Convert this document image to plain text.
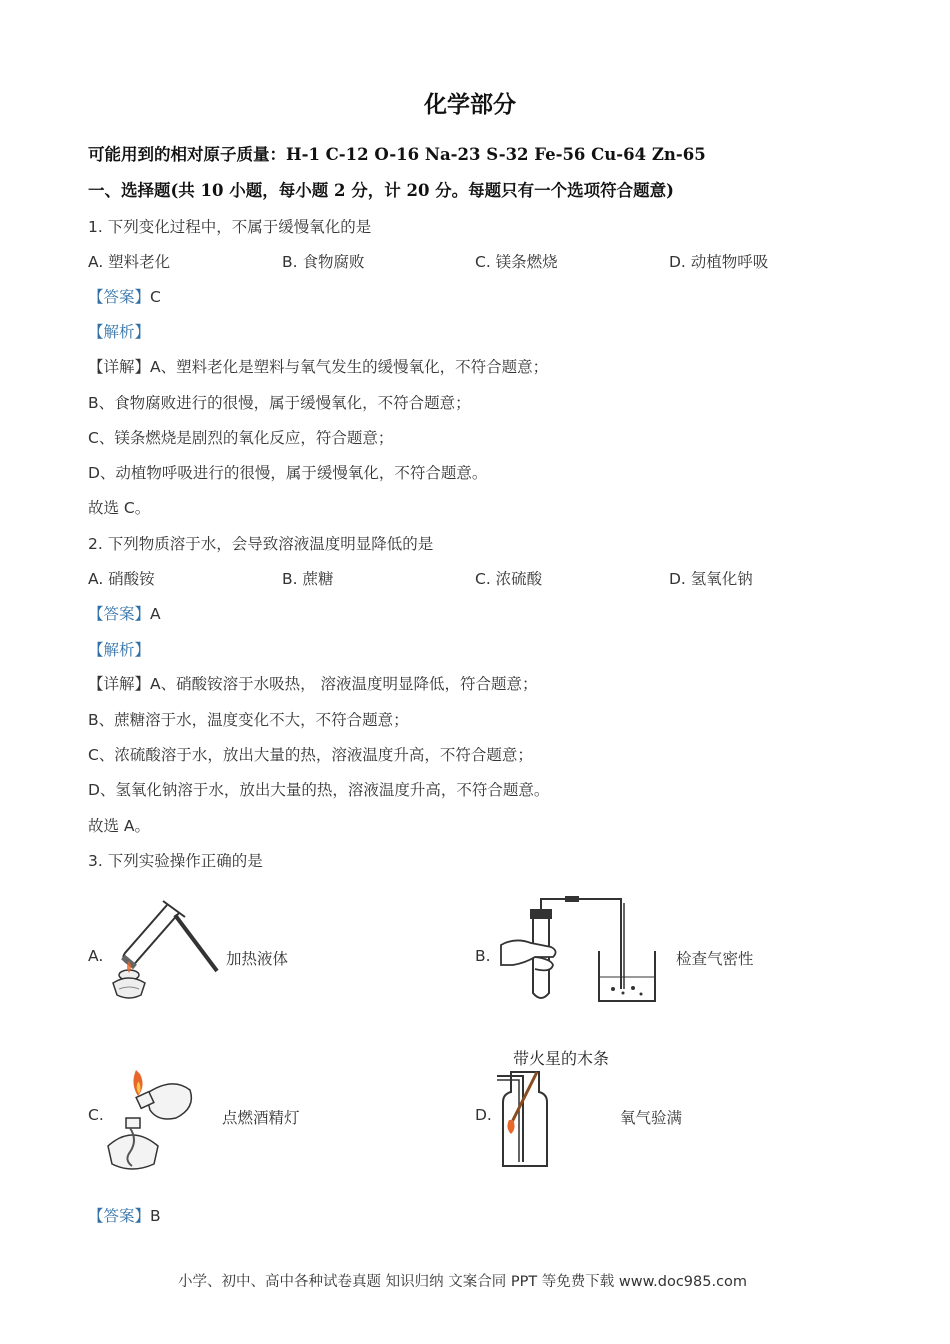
化学部分
可能用到的相对原子质量：H-1 C-12 O-16 Na-23 S-32 Fe-56 Cu-64 Zn-65
一、选择题(共 10 小题，每小题 2 分，计 20 分。每题只有一个选项符合题意)
1. 下列变化过程中，不属于缓慢氧化的是
A. 塑料老化	B. 食物腐败	C. 镁条燃烧	D. 动植物呼吸
【答案】C
【解析】
【详解】A、塑料老化是塑料与氧气发生的缓慢氧化，不符合题意；
B、食物腐败进行的很慢，属于缓慢氧化，不符合题意；
C、镁条燃烧是剧烈的氧化反应，符合题意；
D、动植物呼吸进行的很慢，属于缓慢氧化，不符合题意。
故选 C。
2. 下列物质溶于水，会导致溶液温度明显降低的是
A. 硝酸铵	B. 蔗糖	C. 浓硫酸	D. 氢氧化钠
【答案】A
【解析】
【详解】A、硝酸铵溶于水吸热， 溶液温度明显降低，符合题意；
B、蔗糖溶于水，温度变化不大，不符合题意；
C、浓硫酸溶于水，放出大量的热，溶液温度升高，不符合题意；
D、氢氧化钠溶于水，放出大量的热，溶液温度升高，不符合题意。
故选 A。
3. 下列实验操作正确的是
A.	加热液体	B.	检查气密性
C.	点燃酒精灯
带火星的木条
D.	氧气验满
【答案】B
小学、初中、高中各种试卷真题 知识归纳 文案合同 PPT 等免费下载 www.doc985.com
